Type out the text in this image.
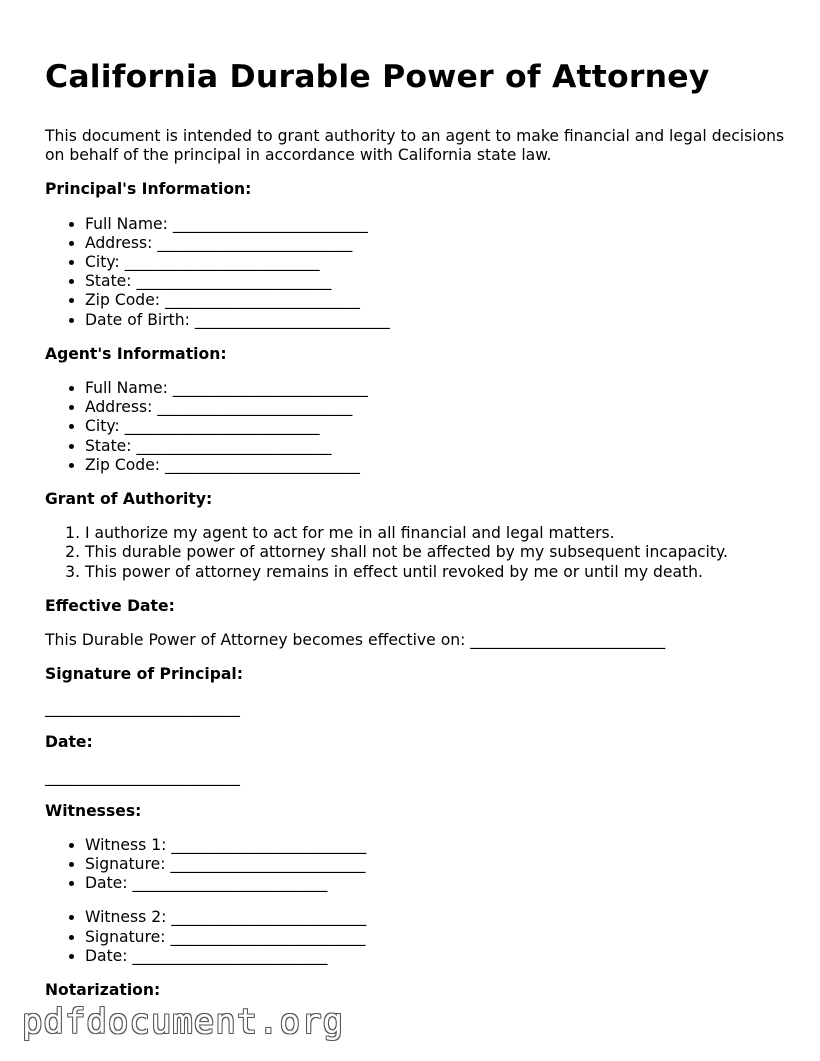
California Durable Power of Attorney

This document is intended to grant authority to an agent to make financial and legal decisions on behalf of the principal in accordance with California state law.

Principal's Information:
• Full Name: _________________________
• Address: _________________________
• City: _________________________
• State: _________________________
• Zip Code: _________________________
• Date of Birth: _________________________
Agent's Information:
• Full Name: _________________________
• Address: _________________________
• City: _________________________
• State: _________________________
• Zip Code: _________________________
Grant of Authority:
1. I authorize my agent to act for me in all financial and legal matters.
2. This durable power of attorney shall not be affected by my subsequent incapacity.
3. This power of attorney remains in effect until revoked by me or until my death.
Effective Date:

This Durable Power of Attorney becomes effective on: _________________________

Signature of Principal:

_________________________

Date:

_________________________

Witnesses:
• Witness 1: _________________________
• Signature: _________________________
• Date: _________________________
• Witness 2: _________________________
• Signature: _________________________
• Date: _________________________
Notarization:
pdfdocument.org
